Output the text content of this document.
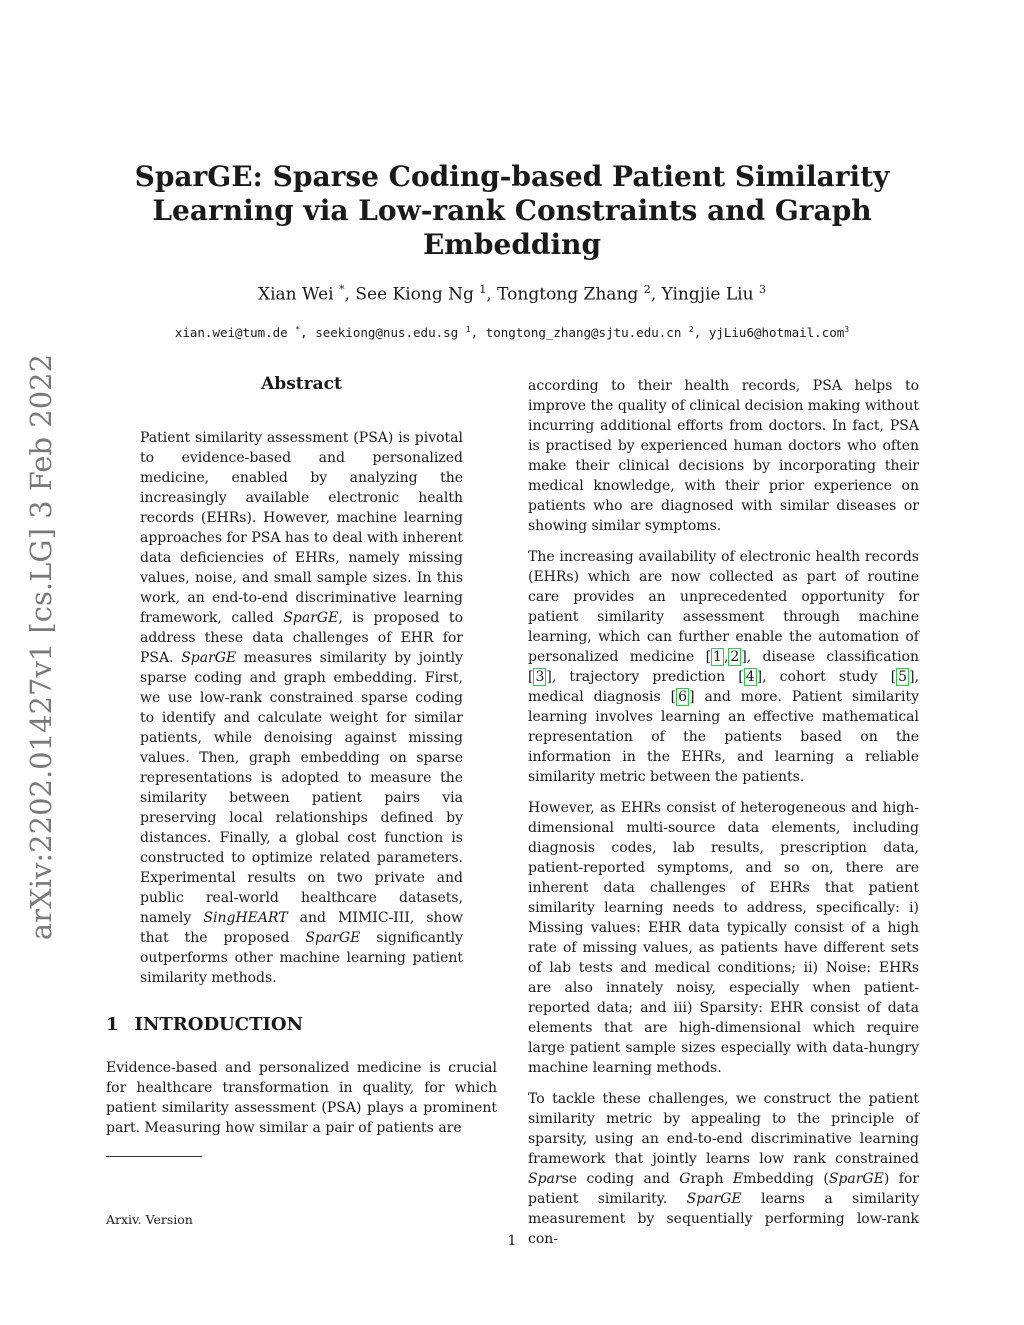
SparGE: Sparse Coding-based Patient Similarity Learning via Low-rank Constraints and Graph Embedding
Xian Wei *, See Kiong Ng $^1$, Tongtong Zhang $^2$, Yingjie Liu $^3$
xian.wei@tum.de *, seekiong@nus.edu.sg $^1$, tongtong_zhang@sjtu.edu.cn $^2$, yjLiu6@hotmail.com$^3$
arXiv:2202.01427v1 [cs.LG] 3 Feb 2022	Abstract

Patient similarity assessment (PSA) is pivotal to evidence-based and personalized medicine, enabled by analyzing the increasingly available electronic health records (EHRs). However, machine learning approaches for PSA has to deal with inherent data deficiencies of EHRs, namely missing values, noise, and small sample sizes. In this work, an end-to-end discriminative learning framework, called SparGE, is proposed to address these data challenges of EHR for PSA. SparGE measures similarity by jointly sparse coding and graph embedding. First, we use low-rank constrained sparse coding to identify and calculate weight for similar patients, while denoising against missing values. Then, graph embedding on sparse representations is adopted to measure the similarity between patient pairs via preserving local relationships defined by distances. Finally, a global cost function is constructed to optimize related parameters. Experimental results on two private and public real-world healthcare datasets, namely SingHEART and MIMIC-III, show that the proposed SparGE significantly outperforms other machine learning patient similarity methods.

1 INTRODUCTION

Evidence-based and personalized medicine is crucial for healthcare transformation in quality, for which patient similarity assessment (PSA) plays a prominent part. Measuring how similar a pair of patients are

Arxiv. Version

according to their health records, PSA helps to improve the quality of clinical decision making without incurring additional efforts from doctors. In fact, PSA is practised by experienced human doctors who often make their clinical decisions by incorporating their medical knowledge, with their prior experience on patients who are diagnosed with similar diseases or showing similar symptoms.

The increasing availability of electronic health records (EHRs) which are now collected as part of routine care provides an unprecedented opportunity for patient similarity assessment through machine learning, which can further enable the automation of personalized medicine [ 1 , 2 ], disease classification [ 3 ], trajectory prediction [ 4 ], cohort study [ 5 ], medical diagnosis [ 6 ] and more. Patient similarity learning involves learning an effective mathematical representation of the patients based on the information in the EHRs, and learning a reliable similarity metric between the patients.

However, as EHRs consist of heterogeneous and high-dimensional multi-source data elements, including diagnosis codes, lab results, prescription data, patient-reported symptoms, and so on, there are inherent data challenges of EHRs that patient similarity learning needs to address, specifically: i) Missing values: EHR data typically consist of a high rate of missing values, as patients have different sets of lab tests and medical conditions; ii) Noise: EHRs are also innately noisy, especially when patient-reported data; and iii) Sparsity: EHR consist of data elements that are high-dimensional which require large patient sample sizes especially with data-hungry machine learning methods.

To tackle these challenges, we construct the patient similarity metric by appealing to the principle of sparsity, using an end-to-end discriminative learning framework that jointly learns low rank constrained Sparse coding and Graph Embedding (SparGE) for patient similarity. SparGE learns a similarity measurement by sequentially performing low-rank con-

1
